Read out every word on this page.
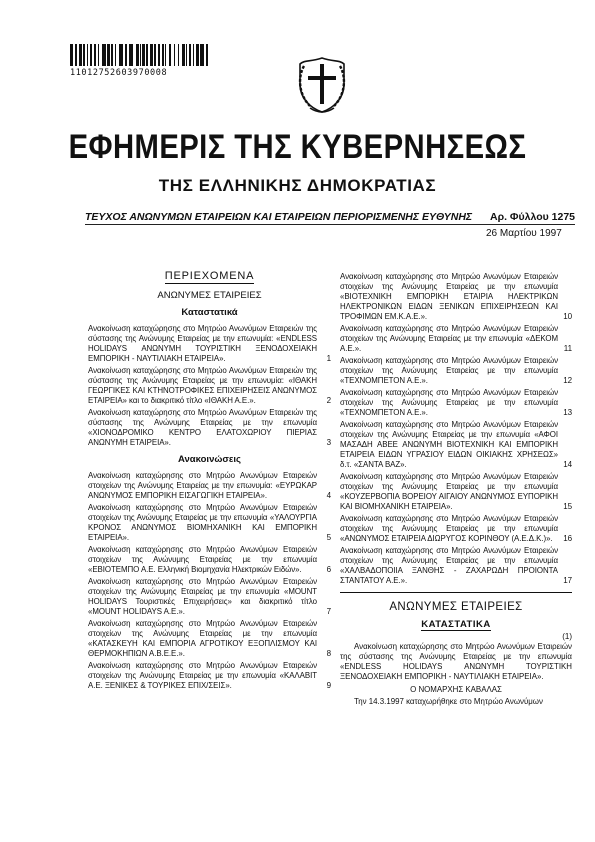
11012752603970008
ΕΦΗΜΕΡΙΣ ΤΗΣ ΚΥΒΕΡΝΗΣΕΩΣ
ΤΗΣ ΕΛΛΗΝΙΚΗΣ ΔΗΜΟΚΡΑΤΙΑΣ
ΤΕΥΧΟΣ ΑΝΩΝΥΜΩΝ ΕΤΑΙΡΕΙΩΝ ΚΑΙ ΕΤΑΙΡΕΙΩΝ ΠΕΡΙΟΡΙΣΜΕΝΗΣ ΕΥΘΥΝΗΣ Αρ. Φύλλου 1275
26 Μαρτίου 1997
ΠΕΡΙΕΧΟΜΕΝΑ
ΑΝΩΝΥΜΕΣ ΕΤΑΙΡΕΙΕΣ
Καταστατικά
Ανακοίνωση καταχώρησης στο Μητρώο Ανωνύμων Εταιρειών της σύστασης της Ανώνυμης Εταιρείας με την επωνυμία: «ENDLESS HOLIDAYS ΑΝΩΝΥΜΗ ΤΟΥΡΙΣΤΙΚΗ ΞΕΝΟΔΟΧΕΙΑΚΗ ΕΜΠΟΡΙΚΗ - ΝΑΥΤΙΛΙΑΚΗ ΕΤΑΙΡΕΙΑ».	1
Ανακοίνωση καταχώρησης στο Μητρώο Ανωνύμων Εταιρειών της σύστασης της Ανώνυμης Εταιρείας με την επωνυμία: «ΙΘΑΚΗ ΓΕΩΡΓΙΚΕΣ ΚΑΙ ΚΤΗΝΟΤΡΟΦΙΚΕΣ ΕΠΙΧΕΙΡΗΣΕΙΣ ΑΝΩΝΥΜΟΣ ΕΤΑΙΡΕΙΑ» και το διακριτικό τίτλο «ΙΘΑΚΗ Α.Ε.».	2
Ανακοίνωση καταχώρησης στο Μητρώο Ανωνύμων Εταιρειών της σύστασης της Ανώνυμης Εταιρείας με την επωνυμία «ΧΙΟΝΟΔΡΟΜΙΚΟ ΚΕΝΤΡΟ ΕΛΑΤΟΧΩΡΙΟΥ ΠΙΕΡΙΑΣ ΑΝΩΝΥΜΗ ΕΤΑΙΡΕΙΑ».	3
Ανακοινώσεις
Ανακοίνωση καταχώρησης στο Μητρώο Ανωνύμων Εταιρειών στοιχείων της Ανώνυμης Εταιρείας με την επωνυμία: «ΕΥΡΩΚΑΡ ΑΝΩΝΥΜΟΣ ΕΜΠΟΡΙΚΗ ΕΙΣΑΓΩΓΙΚΗ ΕΤΑΙΡΕΙΑ».	4
Ανακοίνωση καταχώρησης στο Μητρώο Ανωνύμων Εταιρειών στοιχείων της Ανώνυμης Εταιρείας με την επωνυμία «ΥΑΛΟΥΡΓΙΑ ΚΡΟΝΟΣ ΑΝΩΝΥΜΟΣ ΒΙΟΜΗΧΑΝΙΚΗ ΚΑΙ ΕΜΠΟΡΙΚΗ ΕΤΑΙΡΕΙΑ».	5
Ανακοίνωση καταχώρησης στο Μητρώο Ανωνύμων Εταιρειών στοιχείων της Ανώνυμης Εταιρείας με την επωνυμία «ΕΒΙΟΤΕΜΠΟ Α.Ε. Ελληνική Βιομηχανία Ηλεκτρικών Ειδών».	6
Ανακοίνωση καταχώρησης στο Μητρώο Ανωνύμων Εταιρειών στοιχείων της Ανώνυμης Εταιρείας με την επωνυμία «MOUNT HOLIDAYS Τουριστικές Επιχειρήσεις» και διακριτικό τίτλο «MOUNT HOLIDAYS A.E.».	7
Ανακοίνωση καταχώρησης στο Μητρώο Ανωνύμων Εταιρειών στοιχείων της Ανώνυμης Εταιρείας με την επωνυμία «ΚΑΤΑΣΚΕΥΗ ΚΑΙ ΕΜΠΟΡΙΑ ΑΓΡΟΤΙΚΟΥ ΕΞΟΠΛΙΣΜΟΥ ΚΑΙ ΘΕΡΜΟΚΗΠΙΩΝ Α.Β.Ε.Ε.».	8
Ανακοίνωση καταχώρησης στο Μητρώο Ανωνύμων Εταιρειών στοιχείων της Ανώνυμης Εταιρείας με την επωνυμία «ΚΑΛΑΒΙΤ Α.Ε. ΞΕΝΙΚΕΣ & ΤΟΥΡΙΚΕΣ ΕΠΙΧ/ΣΕΙΣ».	9
Ανακοίνωση καταχώρησης στο Μητρώο Ανωνύμων Εταιρειών στοιχείων της Ανώνυμης Εταιρείας με την επωνυμία «ΒΙΟΤΕΧΝΙΚΗ ΕΜΠΟΡΙΚΗ ΕΤΑΙΡΙΑ ΗΛΕΚΤΡΙΚΩΝ ΗΛΕΚΤΡΟΝΙΚΩΝ ΕΙΔΩΝ ΞΕΝΙΚΩΝ ΕΠΙΧΕΙΡΗΣΕΩΝ ΚΑΙ ΤΡΟΦΙΜΩΝ ΕΜ.Κ.Α.Ε.».	10
Ανακοίνωση καταχώρησης στο Μητρώο Ανωνύμων Εταιρειών στοιχείων της Ανώνυμης Εταιρείας με την επωνυμία «ΔΕΚΟΜ Α.Ε.».	11
Ανακοίνωση καταχώρησης στο Μητρώο Ανωνύμων Εταιρειών στοιχείων της Ανώνυμης Εταιρείας με την επωνυμία «ΤΕΧΝΟΜΠΕΤΟΝ Α.Ε.».	12
Ανακοίνωση καταχώρησης στο Μητρώο Ανωνύμων Εταιρειών στοιχείων της Ανώνυμης Εταιρείας με την επωνυμία «ΤΕΧΝΟΜΠΕΤΟΝ Α.Ε.».	13
Ανακοίνωση καταχώρησης στο Μητρώο Ανωνύμων Εταιρειών στοιχείων της Ανώνυμης Εταιρείας με την επωνυμία «ΑΦΟΙ ΜΑΣΑΔΗ ΑΒΕΕ ΑΝΩΝΥΜΗ ΒΙΟΤΕΧΝΙΚΗ ΚΑΙ ΕΜΠΟΡΙΚΗ ΕΤΑΙΡΕΙΑ ΕΙΔΩΝ ΥΓΡΑΣΙΟΥ ΕΙΔΩΝ ΟΙΚΙΑΚΗΣ ΧΡΗΣΕΩΣ» δ.τ. «ΣΑΝΤΑ ΒΑΖ».	14
Ανακοίνωση καταχώρησης στο Μητρώο Ανωνύμων Εταιρειών στοιχείων της Ανώνυμης Εταιρείας με την επωνυμία «ΚΟΥΖΕΡΒΟΠΙΑ ΒΟΡΕΙΟΥ ΑΙΓΑΙΟΥ ΑΝΩΝΥΜΟΣ ΕΥΠΟΡΙΚΗ ΚΑΙ ΒΙΟΜΗΧΑΝΙΚΗ ΕΤΑΙΡΕΙΑ».	15
Ανακοίνωση καταχώρησης στο Μητρώο Ανωνύμων Εταιρειών στοιχείων της Ανώνυμης Εταιρείας με την επωνυμία «ΑΝΩΝΥΜΟΣ ΕΤΑΙΡΕΙΑ ΔΙΩΡΥΓΟΣ ΚΟΡΙΝΘΟΥ (Α.Ε.Δ.Κ.)». 16
Ανακοίνωση καταχώρησης στο Μητρώο Ανωνύμων Εταιρειών στοιχείων της Ανώνυμης Εταιρείας με την επωνυμία «ΧΑΛΒΑΔΟΠΟΙΙΑ ΞΑΝΘΗΣ - ΖΑΧΑΡΩΔΗ ΠΡΟΙΟΝΤΑ ΣΤΑΝΤΑΤΟΥ Α.Ε.».	17
ΑΝΩΝΥΜΕΣ ΕΤΑΙΡΕΙΕΣ
ΚΑΤΑΣΤΑΤΙΚΑ
(1)
Ανακοίνωση καταχώρησης στο Μητρώο Ανωνύμων Εταιρειών της σύστασης της Ανώνυμης Εταιρείας με την επωνυμία «ENDLESS HOLIDAYS ΑΝΩΝΥΜΗ ΤΟΥΡΙΣΤΙΚΗ ΞΕΝΟΔΟΧΕΙΑΚΗ ΕΜΠΟΡΙΚΗ - ΝΑΥΤΙΛΙΑΚΗ ΕΤΑΙΡΕΙΑ».
Ο ΝΟΜΑΡΧΗΣ ΚΑΒΑΛΑΣ
Την 14.3.1997 καταχωρήθηκε στο Μητρώο Ανωνύμων
